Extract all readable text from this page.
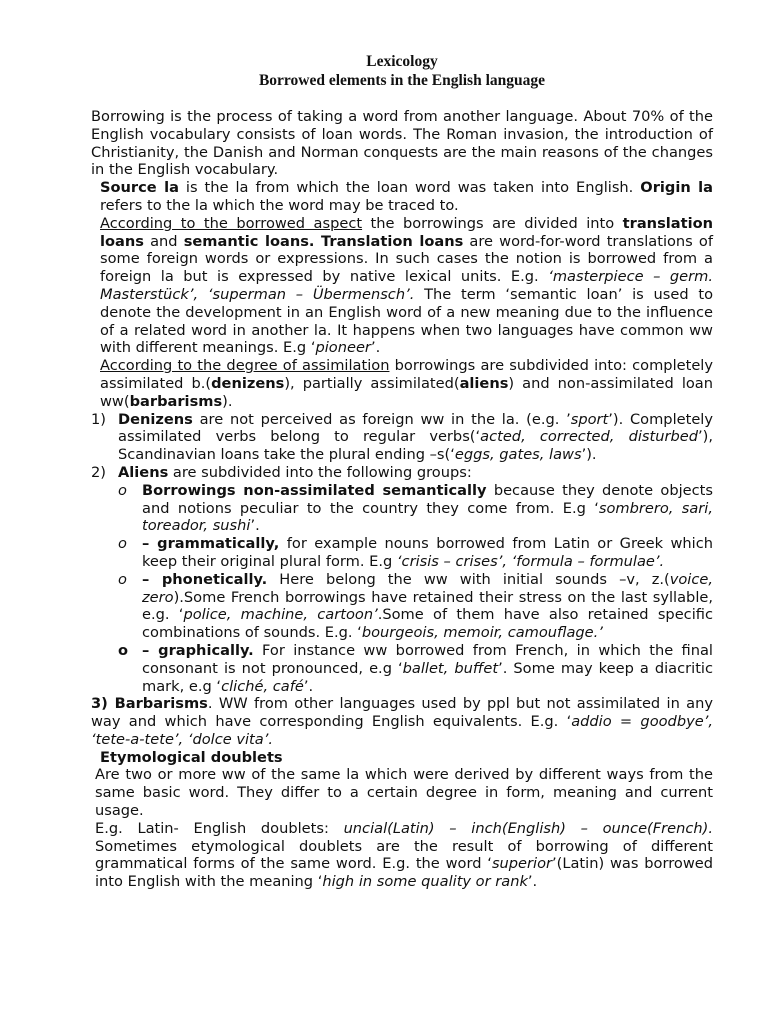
Lexicology
Borrowed elements in the English language

Borrowing is the process of taking a word from another language. About 70% of the English vocabulary consists of loan words. The Roman invasion, the introduction of Christianity, the Danish and Norman conquests are the main reasons of the changes in the English vocabulary.

Source la is the la from which the loan word was taken into English. Origin la refers to the la which the word may be traced to.

According to the borrowed aspect the borrowings are divided into translation loans and semantic loans. Translation loans are word-for-word translations of some foreign words or expressions. In such cases the notion is borrowed from a foreign la but is expressed by native lexical units. E.g. ‘masterpiece – germ. Masterstück’, ‘superman – Übermensch’. The term ‘semantic loan’ is used to denote the development in an English word of a new meaning due to the influence of a related word in another la. It happens when two languages have common ww with different meanings. E.g ‘pioneer’.

According to the degree of assimilation borrowings are subdivided into: completely assimilated b.(denizens), partially assimilated(aliens) and non-assimilated loan ww(barbarisms).

1) Denizens are not perceived as foreign ww in the la. (e.g. ’sport’). Completely assimilated verbs belong to regular verbs(‘acted, corrected, disturbed’), Scandinavian loans take the plural ending –s(‘eggs, gates, laws’).
2) Aliens are subdivided into the following groups:
o	Borrowings non-assimilated semantically because they denote objects and notions peculiar to the country they come from. E.g ‘sombrero, sari, toreador, sushi’.
o	– grammatically, for example nouns borrowed from Latin or Greek which keep their original plural form. E.g ‘crisis – crises’, ‘formula – formulae’.
o	– phonetically. Here belong the ww with initial sounds –v, z.(voice, zero).Some French borrowings have retained their stress on the last syllable, e.g. ‘police, machine, cartoon’.Some of them have also retained specific combinations of sounds. E.g. ‘bourgeois, memoir, camouflage.’
o – graphically. For instance ww borrowed from French, in which the final consonant is not pronounced, e.g ‘ballet, buffet’. Some may keep a diacritic mark, e.g ‘cliché, café’.

3) Barbarisms. WW from other languages used by ppl but not assimilated in any way and which have corresponding English equivalents. E.g. ‘addio = goodbye’, ‘tete-a-tete’, ‘dolce vita’.

Etymological doublets

Are two or more ww of the same la which were derived by different ways from the same basic word. They differ to a certain degree in form, meaning and current usage.

E.g. Latin- English doublets: uncial(Latin) – inch(English) – ounce(French). Sometimes etymological doublets are the result of borrowing of different grammatical forms of the same word. E.g. the word ‘superior’(Latin) was borrowed into English with the meaning ‘high in some quality or rank’.
